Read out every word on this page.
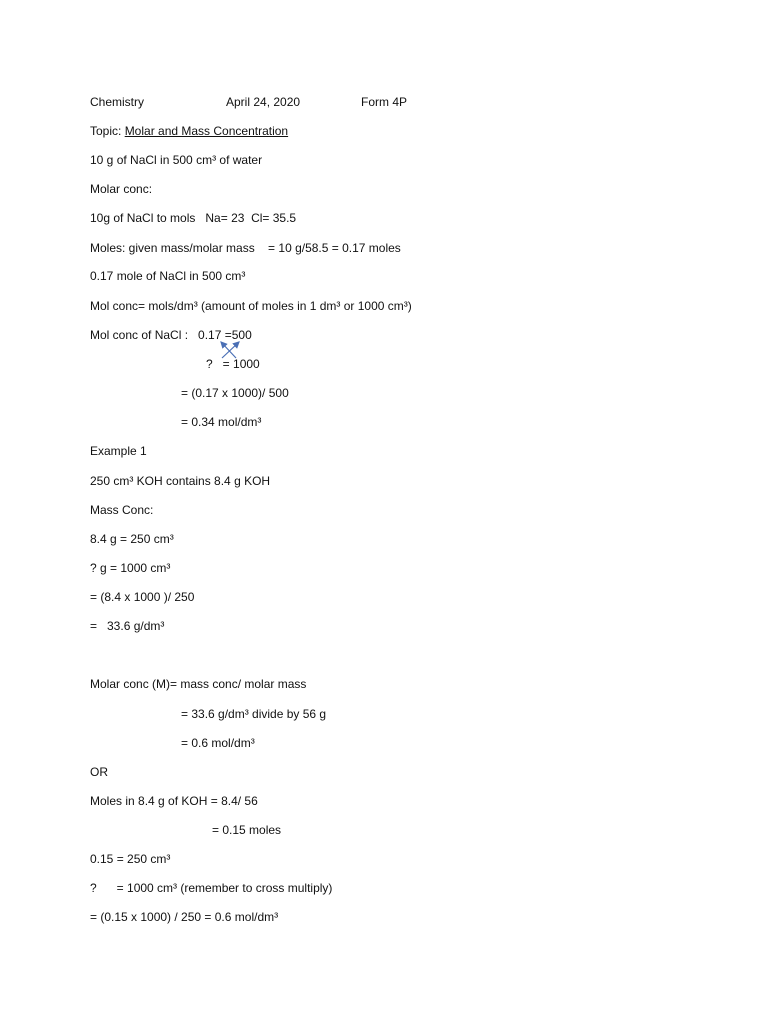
Chemistry	April 24, 2020	Form 4P
Topic: Molar and Mass Concentration
10 g of NaCl in 500 cm³ of water
Molar conc:
10g of NaCl to mols   Na= 23  Cl= 35.5
Moles: given mass/molar mass    = 10 g/58.5 = 0.17 moles
0.17 mole of NaCl in 500 cm³
Mol conc= mols/dm³ (amount of moles in 1 dm³ or 1000 cm³)
Mol conc of NaCl :   0.17 =500
?   = 1000
= (0.17 x 1000)/ 500
= 0.34 mol/dm³
Example 1
250 cm³ KOH contains 8.4 g KOH
Mass Conc:
8.4 g = 250 cm³
? g = 1000 cm³
= (8.4 x 1000 )/ 250
=   33.6 g/dm³
Molar conc (M)= mass conc/ molar mass
= 33.6 g/dm³ divide by 56 g
= 0.6 mol/dm³
OR
Moles in 8.4 g of KOH = 8.4/ 56
= 0.15 moles
0.15 = 250 cm³
?      = 1000 cm³ (remember to cross multiply)
= (0.15 x 1000) / 250 = 0.6 mol/dm³
